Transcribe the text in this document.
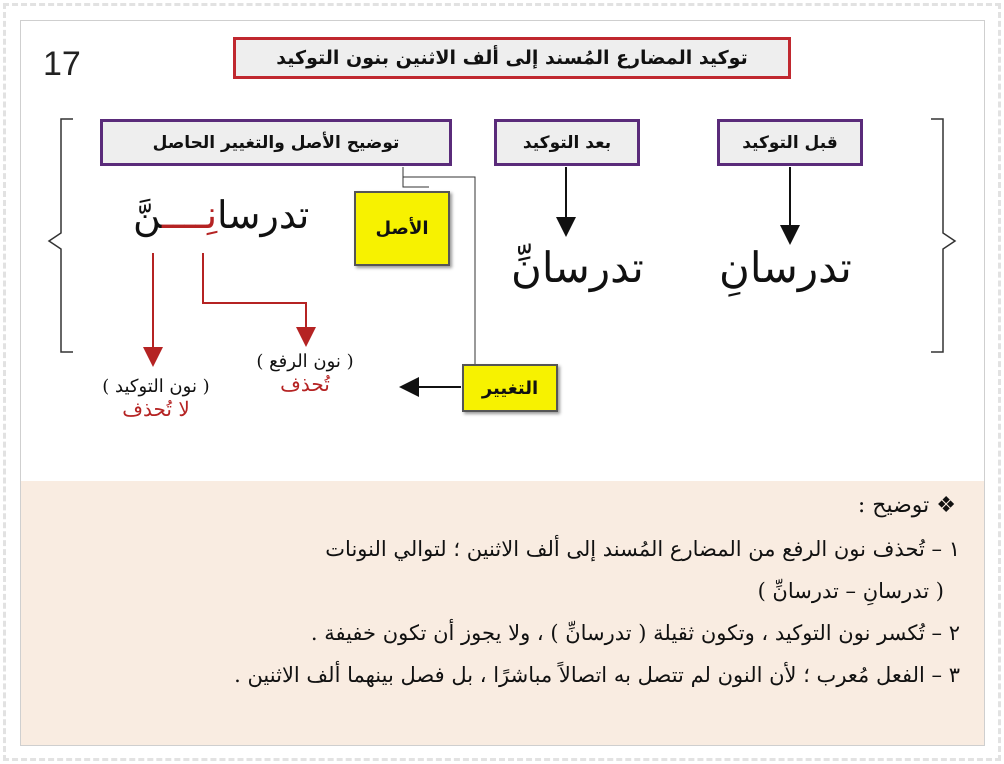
17	توكيد المضارع المُسند إلى ألف الاثنين بنون التوكيد
قبل التوكيد
بعد التوكيد
توضيح الأصل والتغيير الحاصل
تدرسانِ
تدرسانِّ
تدرسانِــــنَّ	الأصل
التغيير
( نون الرفع )
تُحذف
( نون التوكيد )
لا تُحذف
❖ توضيح :
١ – تُحذف نون الرفع من المضارع المُسند إلى ألف الاثنين ؛ لتوالي النونات
( تدرسانِ – تدرسانِّ )
٢ – تُكسر نون التوكيد ، وتكون ثقيلة ( تدرسانِّ ) ، ولا يجوز أن تكون خفيفة .
٣ – الفعل مُعرب ؛ لأن النون لم تتصل به اتصالاً مباشرًا ، بل فصل بينهما ألف الاثنين .
